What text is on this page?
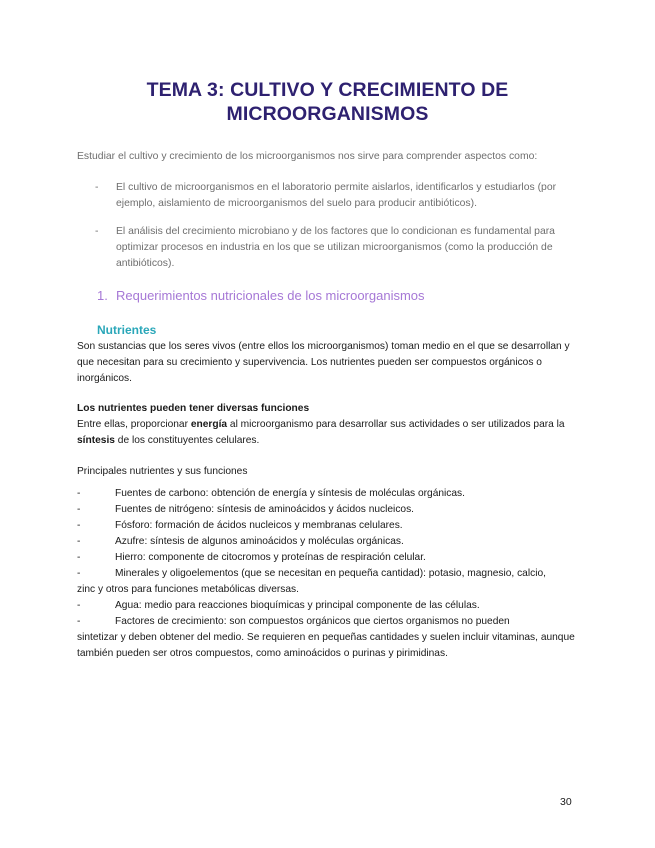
TEMA 3: CULTIVO Y CRECIMIENTO DE
MICROORGANISMOS
Estudiar el cultivo y crecimiento de los microorganismos nos sirve para comprender aspectos como:
- El cultivo de microorganismos en el laboratorio permite aislarlos, identificarlos y estudiarlos (por ejemplo, aislamiento de microorganismos del suelo para producir antibióticos).
- El análisis del crecimiento microbiano y de los factores que lo condicionan es fundamental para optimizar procesos en industria en los que se utilizan microorganismos (como la producción de antibióticos).
1. Requerimientos nutricionales de los microorganismos
Nutrientes
Son sustancias que los seres vivos (entre ellos los microorganismos) toman medio en el que se desarrollan y que necesitan para su crecimiento y supervivencia. Los nutrientes pueden ser compuestos orgánicos o inorgánicos.
Los nutrientes pueden tener diversas funciones
Entre ellas, proporcionar energía al microorganismo para desarrollar sus actividades o ser utilizados para la síntesis de los constituyentes celulares.
Principales nutrientes y sus funciones
-	Fuentes de carbono: obtención de energía y síntesis de moléculas orgánicas.
-	Fuentes de nitrógeno: síntesis de aminoácidos y ácidos nucleicos.
-	Fósforo: formación de ácidos nucleicos y membranas celulares.
-	Azufre: síntesis de algunos aminoácidos y moléculas orgánicas.
-	Hierro: componente de citocromos y proteínas de respiración celular.
-	Minerales y oligoelementos (que se necesitan en pequeña cantidad): potasio, magnesio, calcio,
zinc y otros para funciones metabólicas diversas.
-	Agua: medio para reacciones bioquímicas y principal componente de las células.
-	Factores de crecimiento: son compuestos orgánicos que ciertos organismos no pueden
sintetizar y deben obtener del medio. Se requieren en pequeñas cantidades y suelen incluir vitaminas, aunque también pueden ser otros compuestos, como aminoácidos o purinas y pirimidinas.
30
